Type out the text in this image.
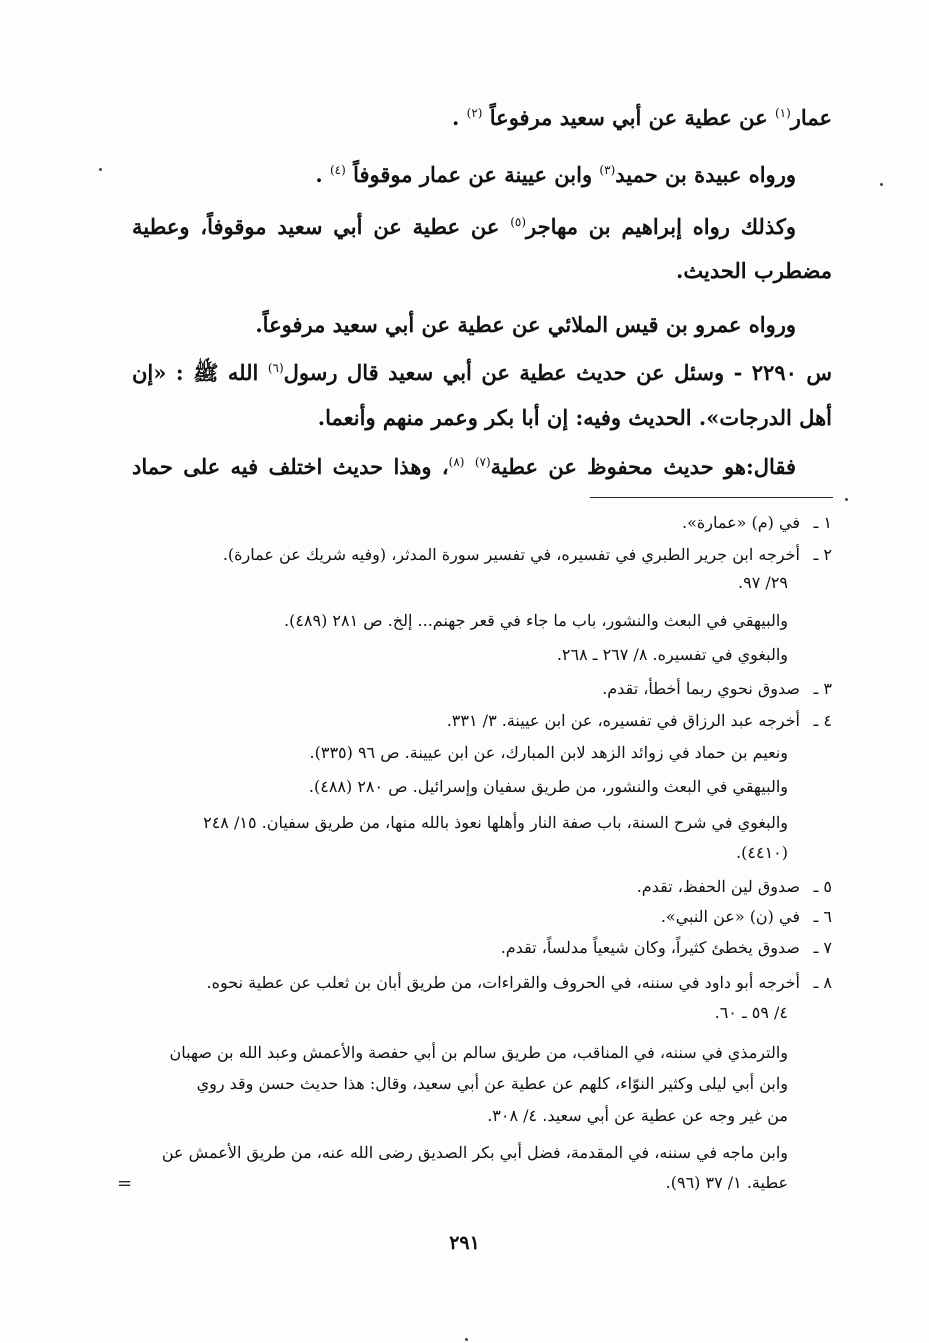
عمار$^{(١)}$ عن عطية عن أبي سعيد مرفوعاً $^{(٢)}$ .
ورواه عبيدة بن حميد$^{(٣)}$ وابن عيينة عن عمار موقوفاً $^{(٤)}$ .
وكذلك رواه إبراهيم بن مهاجر$^{(٥)}$ عن عطية عن أبي سعيد موقوفاً، وعطية
مضطرب الحديث.
ورواه عمرو بن قيس الملائي عن عطية عن أبي سعيد مرفوعاً.
س ٢٢٩٠ - وسئل عن حديث عطية عن أبي سعيد قال رسول$^{(٦)}$ الله ﷺ : «إن
أهل الدرجات». الحديث وفيه: إن أبا بكر وعمر منهم وأنعما.
فقال:هو حديث محفوظ عن عطية$^{(٧)}$ $^{(٨)}$، وهذا حديث اختلف فيه على حماد
١ ـفي (م) «عمارة».
٢ ـأخرجه ابن جرير الطبري في تفسيره، في تفسير سورة المدثر، (وفيه شريك عن عمارة).
٢٩/ ٩٧.
والبيهقي في البعث والنشور، باب ما جاء في قعر جهنم... إلخ. ص ٢٨١ (٤٨٩).
والبغوي في تفسيره. ٨/ ٢٦٧ ـ ٢٦٨.
٣ ـصدوق نحوي ربما أخطأ، تقدم.
٤ ـأخرجه عبد الرزاق في تفسيره، عن ابن عيينة. ٣/ ٣٣١.
ونعيم بن حماد في زوائد الزهد لابن المبارك، عن ابن عيينة. ص ٩٦ (٣٣٥).
والبيهقي في البعث والنشور، من طريق سفيان وإسرائيل. ص ٢٨٠ (٤٨٨).
والبغوي في شرح السنة، باب صفة النار وأهلها نعوذ بالله منها، من طريق سفيان. ١٥/ ٢٤٨
(٤٤١٠).
٥ ـصدوق لين الحفظ، تقدم.
٦ ـفي (ن) «عن النبي».
٧ ـصدوق يخطئ كثيراً، وكان شيعياً مدلساً، تقدم.
٨ ـأخرجه أبو داود في سننه، في الحروف والقراءات، من طريق أبان بن ثعلب عن عطية نحوه.
٤/ ٥٩ ـ ٦٠.
والترمذي في سننه، في المناقب، من طريق سالم بن أبي حفصة والأعمش وعبد الله بن صهبان
وابن أبي ليلى وكثير النوّاء، كلهم عن عطية عن أبي سعيد، وقال: هذا حديث حسن وقد روي
من غير وجه عن عطية عن أبي سعيد. ٤/ ٣٠٨.
وابن ماجه في سننه، في المقدمة، فضل أبي بكر الصديق رضى الله عنه، من طريق الأعمش عن
عطية. ١/ ٣٧ (٩٦).
=
٢٩١
